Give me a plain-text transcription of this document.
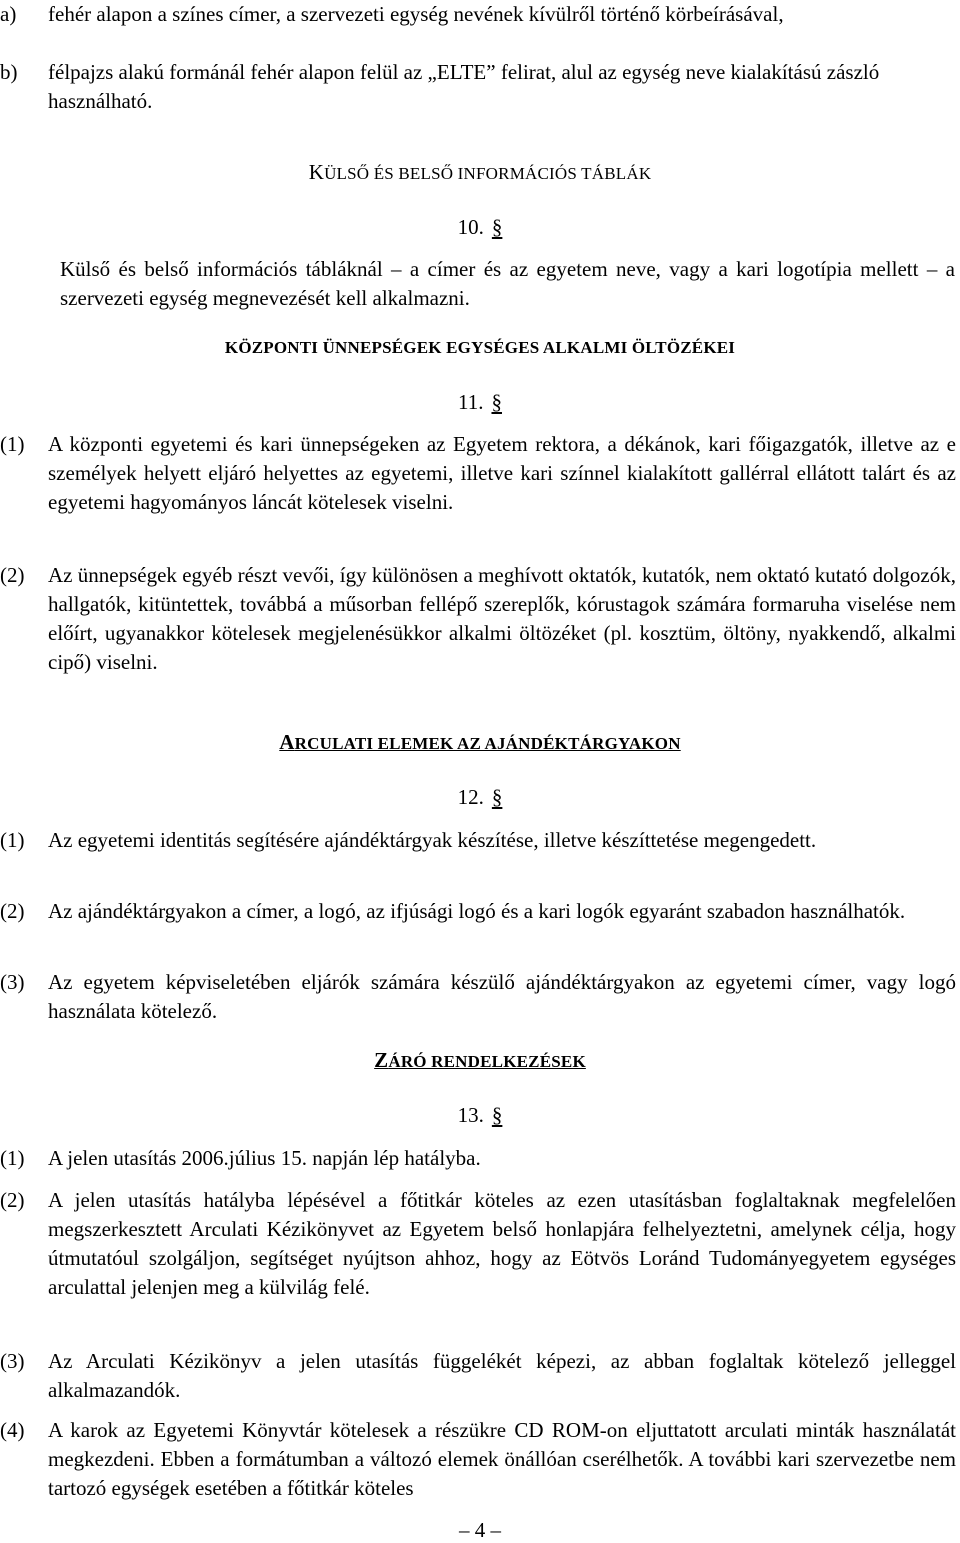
a)	fehér alapon a színes címer, a szervezeti egység nevének kívülről történő körbeírásával,
b)	félpajzs alakú formánál fehér alapon felül az „ELTE” felirat, alul az egység neve kialakítású zászló használható.
KÜLSŐ ÉS BELSŐ INFORMÁCIÓS TÁBLÁK
10. §
Külső és belső információs tábláknál – a címer és az egyetem neve, vagy a kari logotípia mellett – a szervezeti egység megnevezését kell alkalmazni.
KÖZPONTI ÜNNEPSÉGEK EGYSÉGES ALKALMI ÖLTÖZÉKEI
11. §
(1)	A központi egyetemi és kari ünnepségeken az Egyetem rektora, a dékánok, kari főigazgatók, illetve az e személyek helyett eljáró helyettes az egyetemi, illetve kari színnel kialakított gallérral ellátott talárt és az egyetemi hagyományos láncát kötelesek viselni.
(2)	Az ünnepségek egyéb részt vevői, így különösen a meghívott oktatók, kutatók, nem oktató kutató dolgozók, hallgatók, kitüntettek, továbbá a műsorban fellépő szereplők, kórustagok számára formaruha viselése nem előírt, ugyanakkor kötelesek megjelenésükkor alkalmi öltözéket (pl. kosztüm, öltöny, nyakkendő, alkalmi cipő) viselni.
ARCULATI ELEMEK AZ AJÁNDÉKTÁRGYAKON
12. §
(1)	Az egyetemi identitás segítésére ajándéktárgyak készítése, illetve készíttetése megengedett.
(2)	Az ajándéktárgyakon a címer, a logó, az ifjúsági logó és a kari logók egyaránt szabadon használhatók.
(3)	Az egyetem képviseletében eljárók számára készülő ajándéktárgyakon az egyetemi címer, vagy logó használata kötelező.
ZÁRÓ RENDELKEZÉSEK
13. §
(1)	A jelen utasítás 2006.július 15. napján lép hatályba.
(2)	A jelen utasítás hatályba lépésével a főtitkár köteles az ezen utasításban foglaltaknak megfelelően megszerkesztett Arculati Kézikönyvet az Egyetem belső honlapjára felhelyeztetni, amelynek célja, hogy útmutatóul szolgáljon, segítséget nyújtson ahhoz, hogy az Eötvös Loránd Tudományegyetem egységes arculattal jelenjen meg a külvilág felé.
(3)	Az Arculati Kézikönyv a jelen utasítás függelékét képezi, az abban foglaltak kötelező jelleggel alkalmazandók.
(4)	A karok az Egyetemi Könyvtár kötelesek a részükre CD ROM-on eljuttatott arculati minták használatát megkezdeni. Ebben a formátumban a változó elemek önállóan cserélhetők. A további kari szervezetbe nem tartozó egységek esetében a főtitkár köteles
– 4 –
